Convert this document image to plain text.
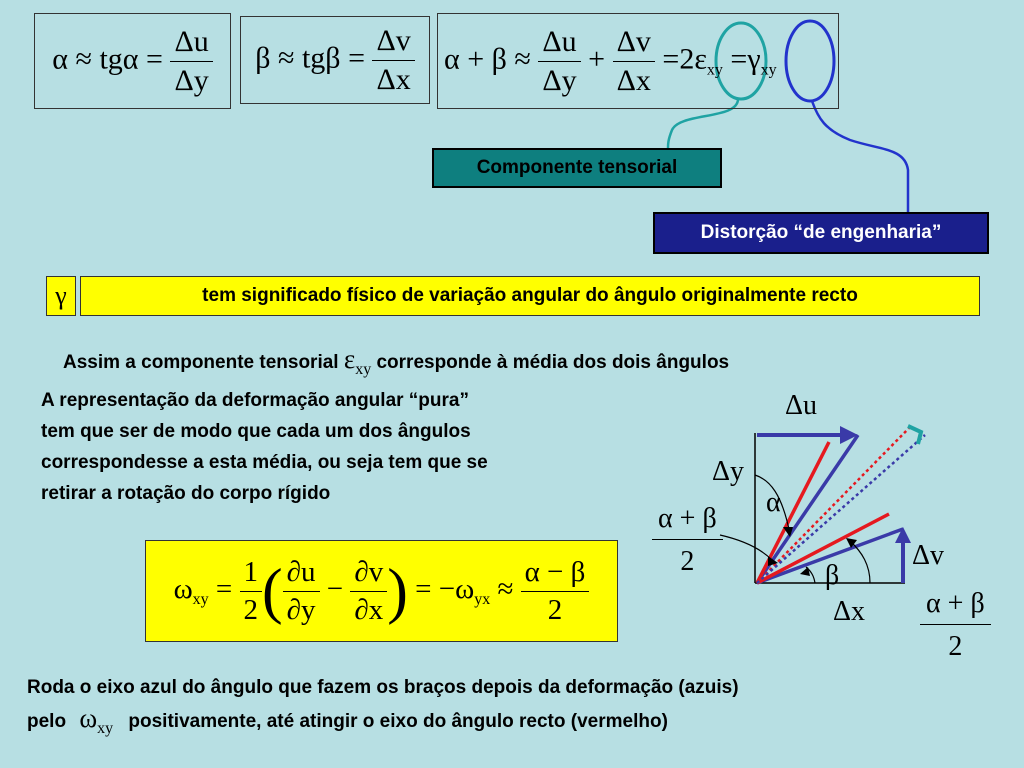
$\alpha \approx tg\alpha = \frac{\Delta u}{\Delta y}$ $\beta \approx tg\beta = \frac{\Delta v}{\Delta x}$ $\alpha + \beta \approx \frac{\Delta u}{\Delta y} + \frac{\Delta v}{\Delta x} =2\varepsilon_{xy} =\gamma_{xy}$
Componente tensorial
Distorção “de engenharia”
γ	tem significado físico de variação angular do ângulo originalmente recto
Assim a componente tensorial $\varepsilon_{xy}$ corresponde à média dos dois ângulos
A representação da deformação angular “pura”
tem que ser de modo que cada um dos ângulos
correspondesse a esta média, ou seja tem que se
retirar a rotação do corpo rígido
Δu
Δy
α
Δv
β
Δx
$\frac{\alpha + \beta}{2}$
$\frac{\alpha + \beta}{2}$
$\omega_{xy} = \frac{1}{2}$ ( $\frac{\partial u}{\partial y} - \frac{\partial v}{\partial x}$ ) = $-\omega_{yx} \approx \frac{\alpha - \beta}{2}$
Roda o eixo azul do ângulo que fazem os braços depois da deformação (azuis)
pelo $\omega_{xy}$ positivamente, até atingir o eixo do ângulo recto (vermelho)
